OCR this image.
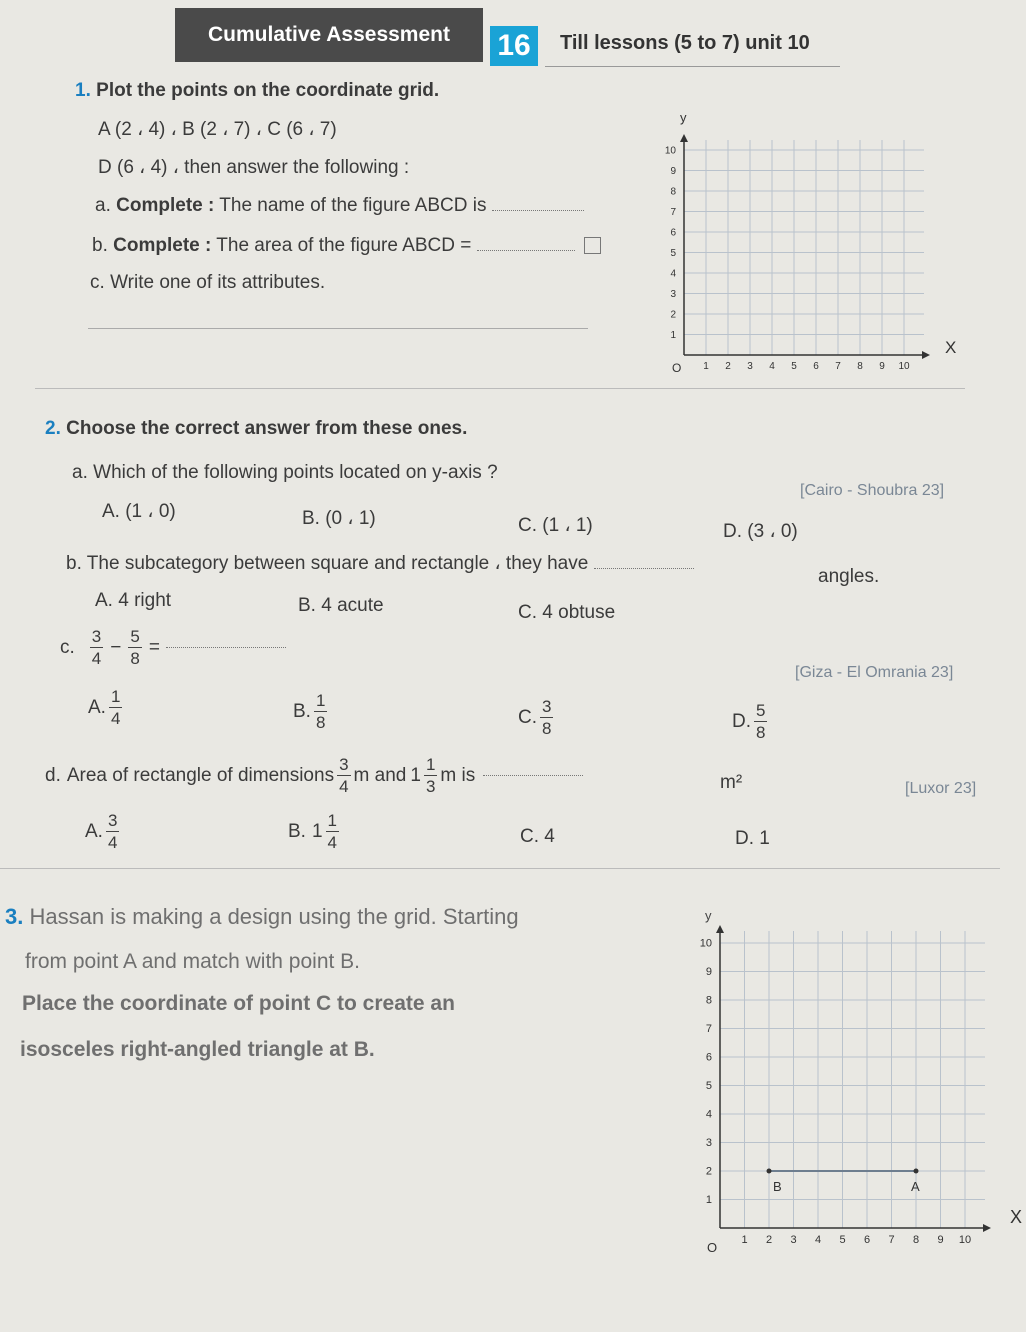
Cumulative Assessment	16	Till lessons (5 to 7) unit 10
1. Plot the points on the coordinate grid.
A (2 ، 4) ، B (2 ، 7) ، C (6 ، 7)
D (6 ، 4) ، then answer the following :
a. Complete : The name of the figure ABCD is
b. Complete : The area of the figure ABCD =
c. Write one of its attributes.
y
X
O 1 2 3 4 5 6 7 8 9 10
1
2
3
4
5
6
7
8
9
10
2. Choose the correct answer from these ones.
a. Which of the following points located on y-axis ?
[Cairo - Shoubra 23]
A. (1 ، 0)	B. (0 ، 1)	C. (1 ، 1)	D. (3 ، 0)
b. The subcategory between square and rectangle ، they have
angles.
A. 4 right	B. 4 acute	C. 4 obtuse
c. $\frac{3}{4} - \frac{5}{8}$ =
[Giza - El Omrania 23]
A. $\frac{1}{4}$	B. $\frac{1}{8}$	C. $\frac{3}{8}$	D. $\frac{5}{8}$
d. Area of rectangle of dimensions $\frac{3}{4}$ m and $1 \frac{1}{3}$ m is	m²	[Luxor 23]
A. $\frac{3}{4}$	B. $1 \frac{1}{4}$	C. 4	D. 1
3. Hassan is making a design using the grid. Starting
from point A and match with point B.
Place the coordinate of point C to create an
isosceles right-angled triangle at B.
y
X
O 1 2 3 4 5 6 7 8 9 10
1
2
3
4
5
6
7
8
9
10
B	A
